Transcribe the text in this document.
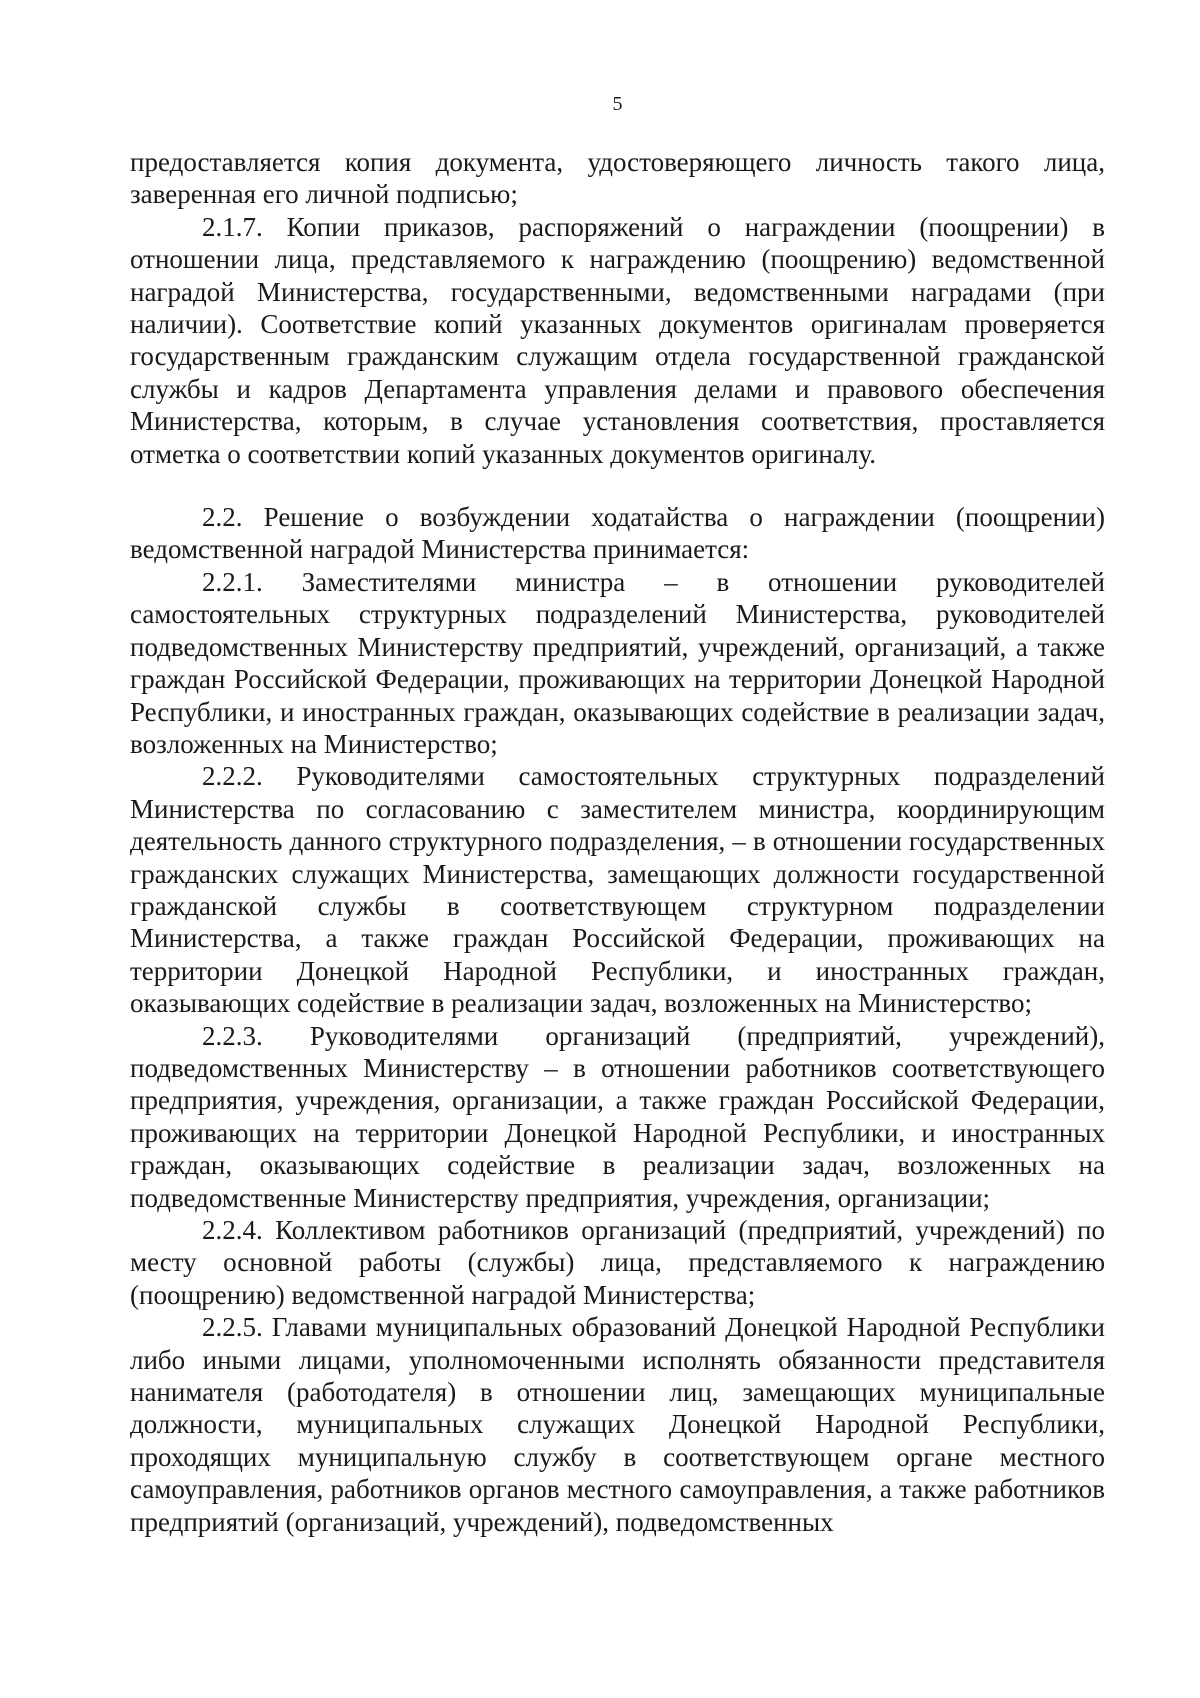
5

предоставляется копия документа, удостоверяющего личность такого лица, заверенная его личной подписью;

2.1.7. Копии приказов, распоряжений о награждении (поощрении) в отношении лица, представляемого к награждению (поощрению) ведомственной наградой Министерства, государственными, ведомственными наградами (при наличии). Соответствие копий указанных документов оригиналам проверяется государственным гражданским служащим отдела государственной гражданской службы и кадров Департамента управления делами и правового обеспечения Министерства, которым, в случае установления соответствия, проставляется отметка о соответствии копий указанных документов оригиналу.

2.2. Решение о возбуждении ходатайства о награждении (поощрении) ведомственной наградой Министерства принимается:

2.2.1. Заместителями министра – в отношении руководителей самостоятельных структурных подразделений Министерства, руководителей подведомственных Министерству предприятий, учреждений, организаций, а также граждан Российской Федерации, проживающих на территории Донецкой Народной Республики, и иностранных граждан, оказывающих содействие в реализации задач, возложенных на Министерство;

2.2.2. Руководителями самостоятельных структурных подразделений Министерства по согласованию с заместителем министра, координирующим деятельность данного структурного подразделения, – в отношении государственных гражданских служащих Министерства, замещающих должности государственной гражданской службы в соответствующем структурном подразделении Министерства, а также граждан Российской Федерации, проживающих на территории Донецкой Народной Республики, и иностранных граждан, оказывающих содействие в реализации задач, возложенных на Министерство;

2.2.3. Руководителями организаций (предприятий, учреждений), подведомственных Министерству – в отношении работников соответствующего предприятия, учреждения, организации, а также граждан Российской Федерации, проживающих на территории Донецкой Народной Республики, и иностранных граждан, оказывающих содействие в реализации задач, возложенных на подведомственные Министерству предприятия, учреждения, организации;

2.2.4. Коллективом работников организаций (предприятий, учреждений) по месту основной работы (службы) лица, представляемого к награждению (поощрению) ведомственной наградой Министерства;

2.2.5. Главами муниципальных образований Донецкой Народной Республики либо иными лицами, уполномоченными исполнять обязанности представителя нанимателя (работодателя) в отношении лиц, замещающих муниципальные должности, муниципальных служащих Донецкой Народной Республики, проходящих муниципальную службу в соответствующем органе местного самоуправления, работников органов местного самоуправления, а также работников предприятий (организаций, учреждений), подведомственных
